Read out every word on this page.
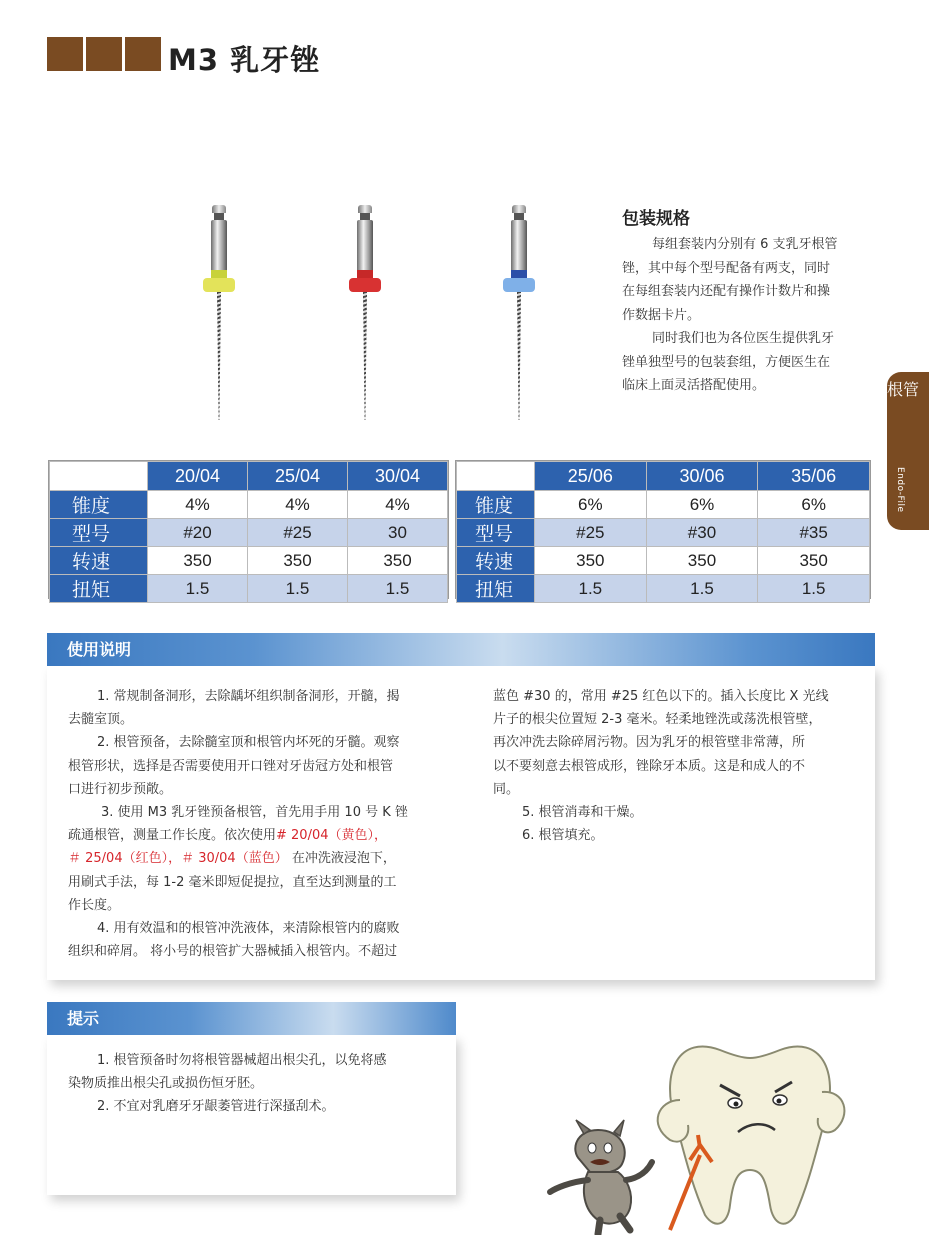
M3 乳牙锉
根管
Endo-File
包装规格

每组套装内分别有 6 支乳牙根管
锉，其中每个型号配备有两支，同时
在每组套装内还配有操作计数片和操
作数据卡片。

同时我们也为各位医生提供乳牙
锉单独型号的包装套组，方便医生在
临床上面灵活搭配使用。

	20/04	25/04	30/04
锥度	4%	4%	4%
型号	#20	#25	30
转速	350	350	350
扭矩	1.5	1.5	1.5
	25/06	30/06	35/06
锥度	6%	6%	6%
型号	#25	#30	#35
转速	350	350	350
扭矩	1.5	1.5	1.5
使用说明
1. 常规制备洞形，去除龋坏组织制备洞形，开髓，揭
去髓室顶。
2. 根管预备，去除髓室顶和根管内坏死的牙髓。观察
根管形状，选择是否需要使用开口锉对牙齿冠方处和根管
口进行初步预敞。
3. 使用 M3 乳牙锉预备根管，首先用手用 10 号 K 锉
疏通根管，测量工作长度。依次使用# 20/04（黄色），
＃ 25/04（红色），＃ 30/04（蓝色） 在冲洗液浸泡下，
用刷式手法，每 1-2 毫米即短促提拉，直至达到测量的工
作长度。
4. 用有效温和的根管冲洗液体，来清除根管内的腐败
组织和碎屑。 将小号的根管扩大器械插入根管内。不超过
蓝色 #30 的，常用 #25 红色以下的。插入长度比 X 光线
片子的根尖位置短 2-3 毫米。轻柔地锉洗或荡洗根管壁，
再次冲洗去除碎屑污物。因为乳牙的根管壁非常薄，所
以不要刻意去根管成形，锉除牙本质。这是和成人的不
同。
5. 根管消毒和干燥。
6. 根管填充。
提示
1. 根管预备时勿将根管器械超出根尖孔，以免将感
染物质推出根尖孔或损伤恒牙胚。
2. 不宜对乳磨牙牙龈萎管进行深搔刮术。
